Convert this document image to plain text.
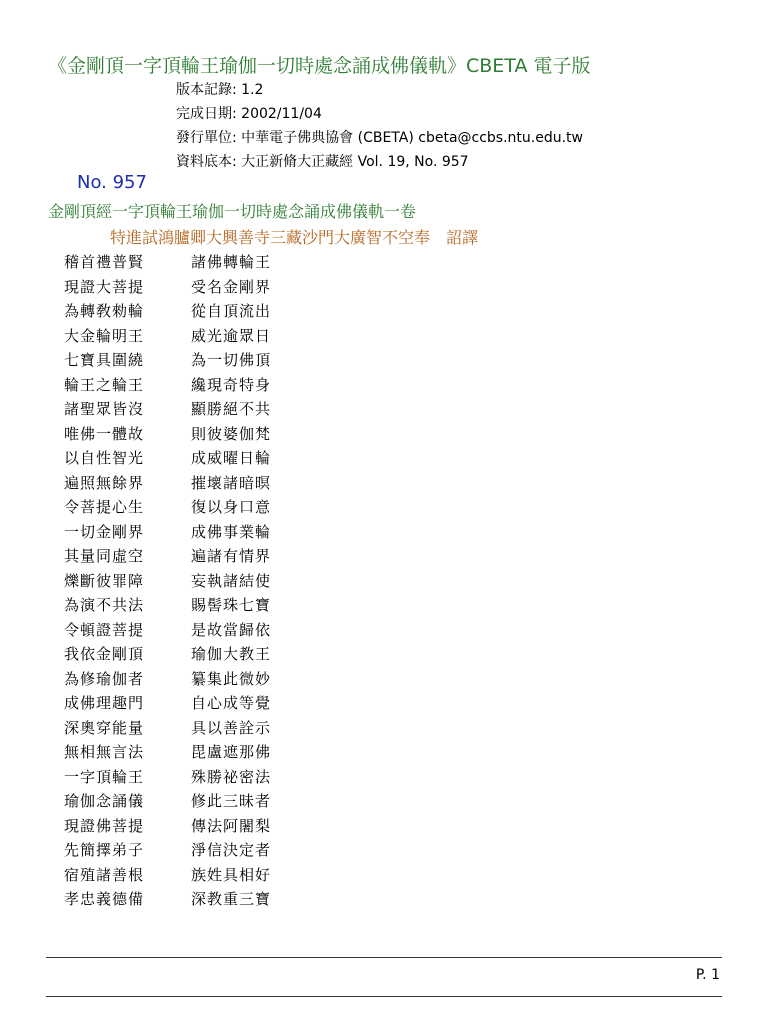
《金剛頂一字頂輪王瑜伽一切時處念誦成佛儀軌》CBETA 電子版
版本記錄: 1.2
完成日期: 2002/11/04
發行單位: 中華電子佛典協會 (CBETA) cbeta@ccbs.ntu.edu.tw
資料底本: 大正新脩大正藏經 Vol. 19, No. 957
No. 957
金剛頂經一字頂輪王瑜伽一切時處念誦成佛儀軌一卷
特進試鴻臚卿大興善寺三藏沙門大廣智不空奉　詔譯
稽首禮普賢	諸佛轉輪王
現證大菩提	受名金剛界
為轉敎勑輪	從自頂流出
大金輪明王	威光逾眾日
七寶具圍繞	為一切佛頂
輪王之輪王	纔現奇特身
諸聖眾皆沒	顯勝絕不共
唯佛一體故	則彼婆伽梵
以自性智光	成威曜日輪
遍照無餘界	摧壞諸暗暝
令菩提心生	復以身口意
一切金剛界	成佛事業輪
其量同虛空	遍諸有情界
爍斷彼罪障	妄執諸結使
為演不共法	賜髻珠七寶
令頓證菩提	是故當歸依
我依金剛頂	瑜伽大教王
為修瑜伽者	纂集此微妙
成佛理趣門	自心成等覺
深奧穿能量	具以善詮示
無相無言法	毘盧遮那佛
一字頂輪王	殊勝祕密法
瑜伽念誦儀	修此三昧者
現證佛菩提	傳法阿闍梨
先簡擇弟子	淨信決定者
宿殖諸善根	族姓具相好
孝忠義德備	深教重三寶
P. 1
